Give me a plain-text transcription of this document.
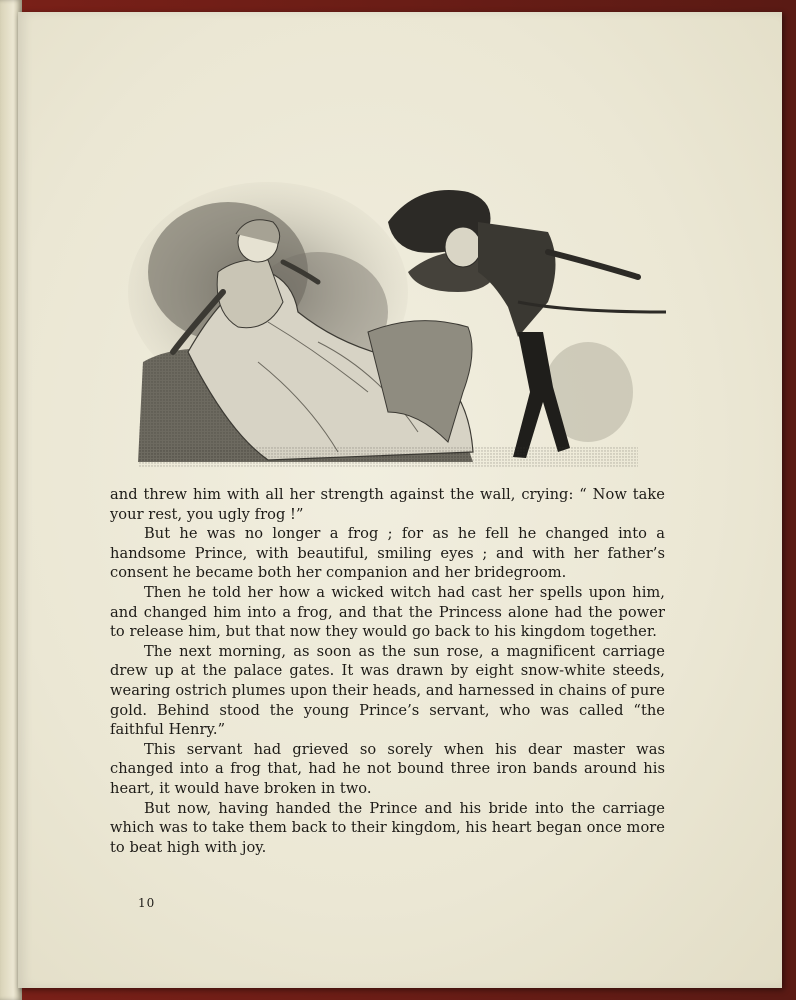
and threw him with all her strength against the wall, crying: “ Now take your rest, you ugly frog !”

But he was no longer a frog ; for as he fell he changed into a handsome Prince, with beautiful, smiling eyes ; and with her father’s consent he became both her companion and her bridegroom.

Then he told her how a wicked witch had cast her spells upon him, and changed him into a frog, and that the Princess alone had the power to release him, but that now they would go back to his kingdom together.

The next morning, as soon as the sun rose, a magnificent carriage drew up at the palace gates. It was drawn by eight snow-white steeds, wearing ostrich plumes upon their heads, and harnessed in chains of pure gold. Behind stood the young Prince’s servant, who was called “the faithful Henry.”

This servant had grieved so sorely when his dear master was changed into a frog that, had he not bound three iron bands around his heart, it would have broken in two.

But now, having handed the Prince and his bride into the carriage which was to take them back to their kingdom, his heart began once more to beat high with joy.

10
